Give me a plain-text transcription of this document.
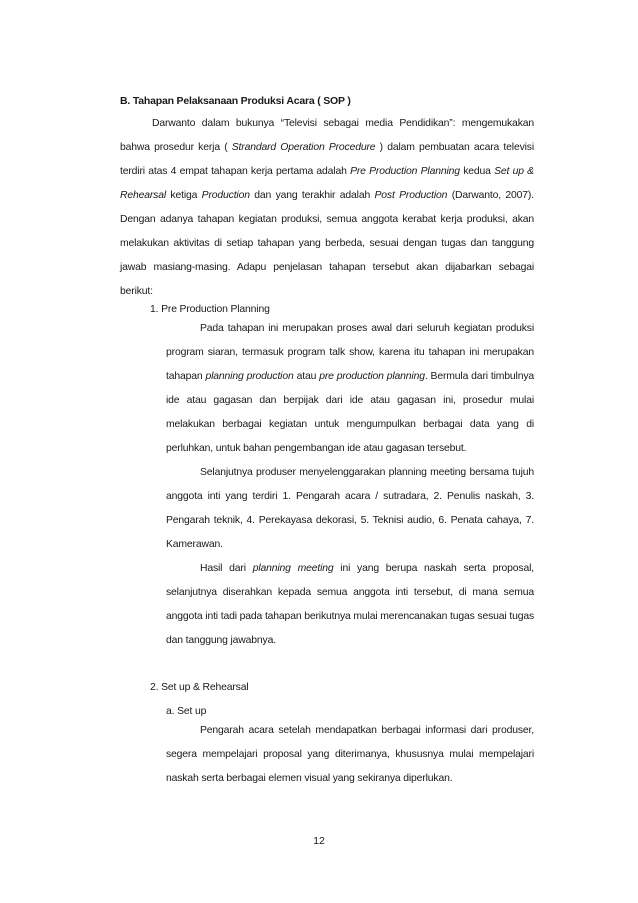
B. Tahapan Pelaksanaan Produksi Acara ( SOP )

Darwanto dalam bukunya “Televisi sebagai media Pendidikan”: mengemukakan bahwa prosedur kerja ( Strandard Operation Procedure ) dalam pembuatan acara televisi terdiri atas 4 empat tahapan kerja pertama adalah Pre Production Planning kedua Set up & Rehearsal ketiga Production dan yang terakhir adalah Post Production (Darwanto, 2007). Dengan adanya tahapan kegiatan produksi, semua anggota kerabat kerja produksi, akan melakukan aktivitas di setiap tahapan yang berbeda, sesuai dengan tugas dan tanggung jawab masiang-masing. Adapu penjelasan tahapan tersebut akan dijabarkan sebagai berikut:

1. Pre Production Planning

Pada tahapan ini merupakan proses awal dari seluruh kegiatan produksi program siaran, termasuk program talk show, karena itu tahapan ini merupakan tahapan planning production atau pre production planning. Bermula dari timbulnya ide atau gagasan dan berpijak dari ide atau gagasan ini, prosedur mulai melakukan berbagai kegiatan untuk mengumpulkan berbagai data yang di perluhkan, untuk bahan pengembangan ide atau gagasan tersebut.

Selanjutnya produser menyelenggarakan planning meeting bersama tujuh anggota inti yang terdiri 1. Pengarah acara / sutradara, 2. Penulis naskah, 3. Pengarah teknik, 4. Perekayasa dekorasi, 5. Teknisi audio, 6. Penata cahaya, 7. Kamerawan.

Hasil dari planning meeting ini yang berupa naskah serta proposal, selanjutnya diserahkan kepada semua anggota inti tersebut, di mana semua anggota inti tadi pada tahapan berikutnya mulai merencanakan tugas sesuai tugas dan tanggung jawabnya.

2. Set up & Rehearsal
a. Set up

Pengarah acara setelah mendapatkan berbagai informasi dari produser, segera mempelajari proposal yang diterimanya, khususnya mulai mempelajari naskah serta berbagai elemen visual yang sekiranya diperlukan.

12
